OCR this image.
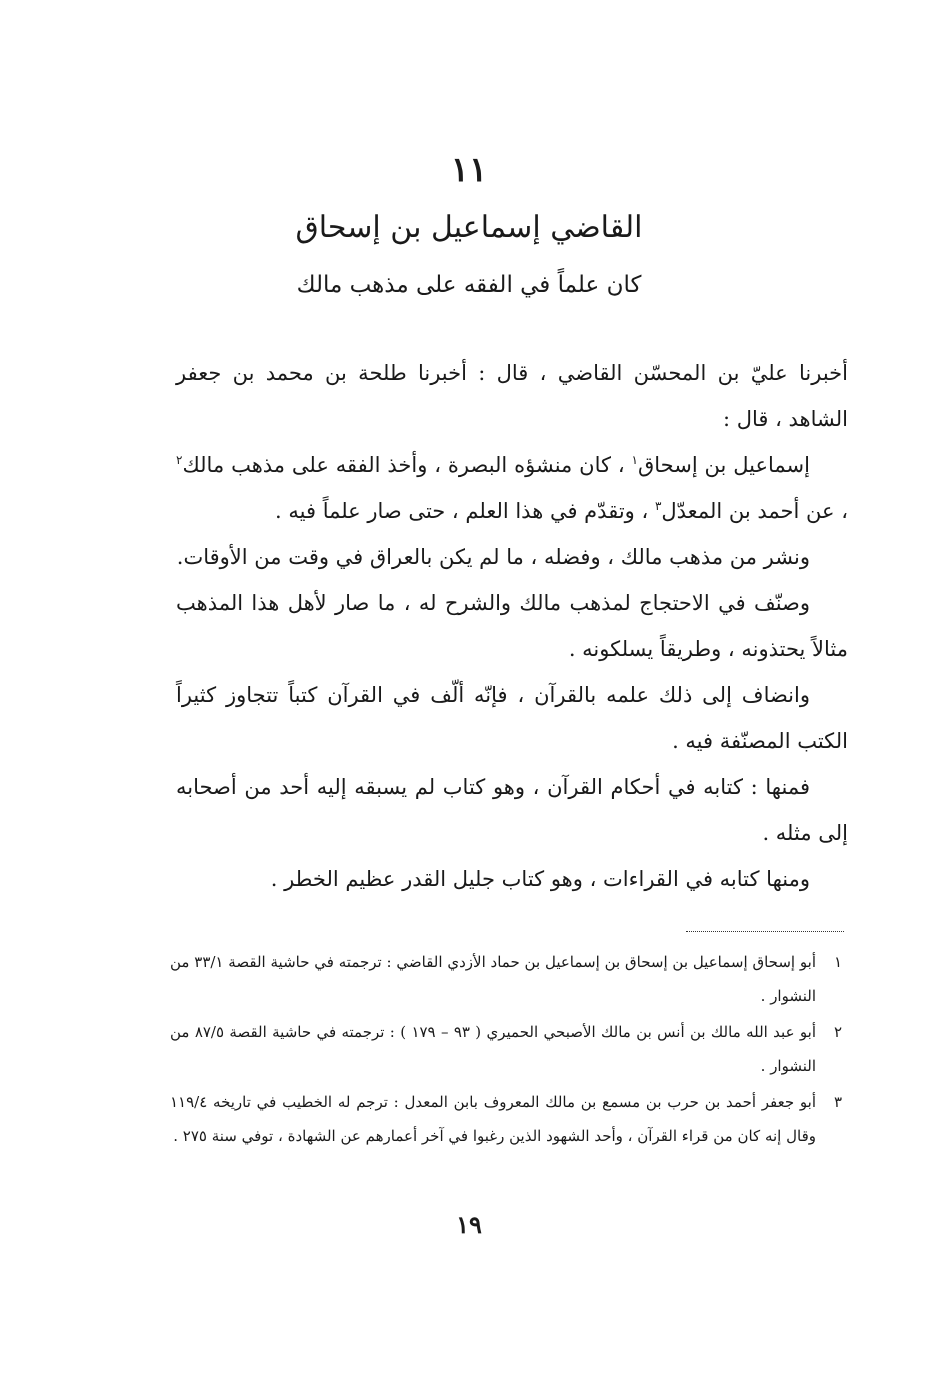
١١
القاضي إسماعيل بن إسحاق
كان علماً في الفقه على مذهب مالك

أخبرنا عليّ بن المحسّن القاضي ، قال : أخبرنا طلحة بن محمد بن جعفر الشاهد ، قال :

إسماعيل بن إسحاق$^١$ ، كان منشؤه البصرة ، وأخذ الفقه على مذهب مالك$^٢$ ، عن أحمد بن المعدّل$^٣$ ، وتقدّم في هذا العلم ، حتى صار علماً فيه .

ونشر من مذهب مالك ، وفضله ، ما لم يكن بالعراق في وقت من الأوقات.

وصنّف في الاحتجاج لمذهب مالك والشرح له ، ما صار لأهل هذا المذهب مثالاً يحتذونه ، وطريقاً يسلكونه .

وانضاف إلى ذلك علمه بالقرآن ، فإنّه ألّف في القرآن كتباً تتجاوز كثيراً الكتب المصنّفة فيه .

فمنها : كتابه في أحكام القرآن ، وهو كتاب لم يسبقه إليه أحد من أصحابه إلى مثله .

ومنها كتابه في القراءات ، وهو كتاب جليل القدر عظيم الخطر .

١
أبو إسحاق إسماعيل بن إسحاق بن إسماعيل بن حماد الأزدي القاضي : ترجمته في حاشية القصة ٣٣/١ من النشوار .
٢
أبو عبد الله مالك بن أنس بن مالك الأصبحي الحميري ( ٩٣ – ١٧٩ ) : ترجمته في حاشية القصة ٨٧/٥ من النشوار .
٣
أبو جعفر أحمد بن حرب بن مسمع بن مالك المعروف بابن المعدل : ترجم له الخطيب في تاريخه ١١٩/٤ وقال إنه كان من قراء القرآن ، وأحد الشهود الذين رغبوا في آخر أعمارهم عن الشهادة ، توفي سنة ٢٧٥ .
١٩
